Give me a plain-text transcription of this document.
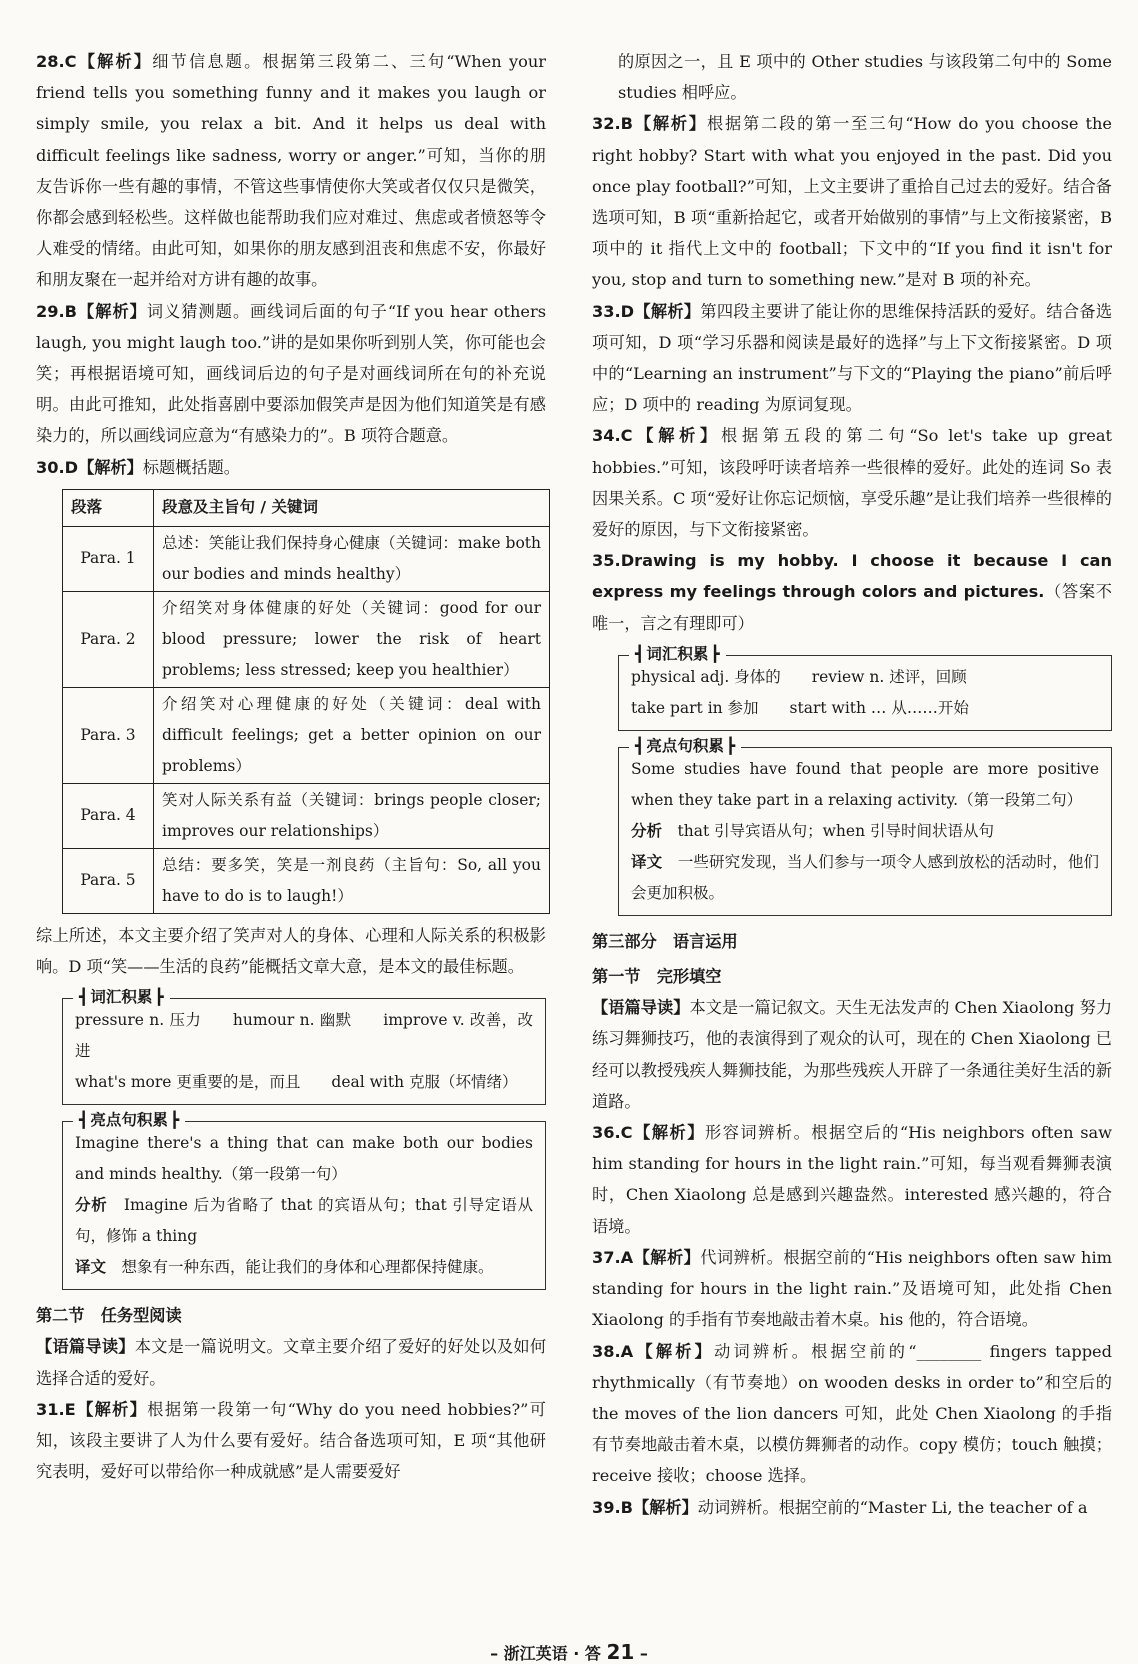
28.C【解析】细节信息题。根据第三段第二、三句“When your friend tells you something funny and it makes you laugh or simply smile, you relax a bit. And it helps us deal with difficult feelings like sadness, worry or anger.”可知，当你的朋友告诉你一些有趣的事情，不管这些事情使你大笑或者仅仅只是微笑，你都会感到轻松些。这样做也能帮助我们应对难过、焦虑或者愤怒等令人难受的情绪。由此可知，如果你的朋友感到沮丧和焦虑不安，你最好和朋友聚在一起并给对方讲有趣的故事。

29.B【解析】词义猜测题。画线词后面的句子“If you hear others laugh, you might laugh too.”讲的是如果你听到别人笑，你可能也会笑；再根据语境可知，画线词后边的句子是对画线词所在句的补充说明。由此可推知，此处指喜剧中要添加假笑声是因为他们知道笑是有感染力的，所以画线词应意为“有感染力的”。B 项符合题意。

30.D【解析】标题概括题。

段落	段意及主旨句 / 关键词
Para. 1	总述：笑能让我们保持身心健康（关键词：make both our bodies and minds healthy）
Para. 2	介绍笑对身体健康的好处（关键词：good for our blood pressure; lower the risk of heart problems; less stressed; keep you healthier）
Para. 3	介绍笑对心理健康的好处（关键词：deal with difficult feelings; get a better opinion on our problems）
Para. 4	笑对人际关系有益（关键词：brings people closer; improves our relationships）
Para. 5	总结：要多笑，笑是一剂良药（主旨句：So, all you have to do is to laugh!）

综上所述，本文主要介绍了笑声对人的身体、心理和人际关系的积极影响。D 项“笑——生活的良药”能概括文章大意，是本文的最佳标题。

┫ 词汇积累 ┣

pressure n. 压力　　humour n. 幽默　　improve v. 改善，改进

what's more 更重要的是，而且　　deal with 克服（坏情绪）

┫ 亮点句积累 ┣

Imagine there's a thing that can make both our bodies and minds healthy.（第一段第一句）

分析　 Imagine 后为省略了 that 的宾语从句；that 引导定语从句，修饰 a thing

译文　 想象有一种东西，能让我们的身体和心理都保持健康。

第二节　任务型阅读

【语篇导读】本文是一篇说明文。文章主要介绍了爱好的好处以及如何选择合适的爱好。

31.E【解析】根据第一段第一句“Why do you need hobbies?”可知，该段主要讲了人为什么要有爱好。结合备选项可知，E 项“其他研究表明，爱好可以带给你一种成就感”是人需要爱好

的原因之一，且 E 项中的 Other studies 与该段第二句中的 Some studies 相呼应。

32.B【解析】根据第二段的第一至三句“How do you choose the right hobby? Start with what you enjoyed in the past. Did you once play football?”可知，上文主要讲了重拾自己过去的爱好。结合备选项可知，B 项“重新拾起它，或者开始做别的事情”与上文衔接紧密，B 项中的 it 指代上文中的 football；下文中的“If you find it isn't for you, stop and turn to something new.”是对 B 项的补充。

33.D【解析】第四段主要讲了能让你的思维保持活跃的爱好。结合备选项可知，D 项“学习乐器和阅读是最好的选择”与上下文衔接紧密。D 项中的“Learning an instrument”与下文的“Playing the piano”前后呼应；D 项中的 reading 为原词复现。

34.C【解析】根据第五段的第二句“So let's take up great hobbies.”可知，该段呼吁读者培养一些很棒的爱好。此处的连词 So 表因果关系。C 项“爱好让你忘记烦恼，享受乐趣”是让我们培养一些很棒的爱好的原因，与下文衔接紧密。

35.Drawing is my hobby. I choose it because I can express my feelings through colors and pictures.（答案不唯一，言之有理即可）

┫ 词汇积累 ┣

physical adj. 身体的　　review n. 述评，回顾

take part in 参加　　start with … 从……开始

┫ 亮点句积累 ┣

Some studies have found that people are more positive when they take part in a relaxing activity.（第一段第二句）

分析　 that 引导宾语从句；when 引导时间状语从句

译文　 一些研究发现，当人们参与一项令人感到放松的活动时，他们会更加积极。

第三部分　语言运用

第一节　完形填空

【语篇导读】本文是一篇记叙文。天生无法发声的 Chen Xiaolong 努力练习舞狮技巧，他的表演得到了观众的认可，现在的 Chen Xiaolong 已经可以教授残疾人舞狮技能，为那些残疾人开辟了一条通往美好生活的新道路。

36.C【解析】形容词辨析。根据空后的“His neighbors often saw him standing for hours in the light rain.”可知，每当观看舞狮表演时，Chen Xiaolong 总是感到兴趣盎然。interested 感兴趣的，符合语境。

37.A【解析】代词辨析。根据空前的“His neighbors often saw him standing for hours in the light rain.”及语境可知，此处指 Chen Xiaolong 的手指有节奏地敲击着木桌。his 他的，符合语境。

38.A【解析】动词辨析。根据空前的“________ fingers tapped rhythmically（有节奏地）on wooden desks in order to”和空后的 the moves of the lion dancers 可知，此处 Chen Xiaolong 的手指有节奏地敲击着木桌，以模仿舞狮者的动作。copy 模仿；touch 触摸；receive 接收；choose 选择。

39.B【解析】动词辨析。根据空前的“Master Li, the teacher of a

– 浙江英语 · 答 21 –
